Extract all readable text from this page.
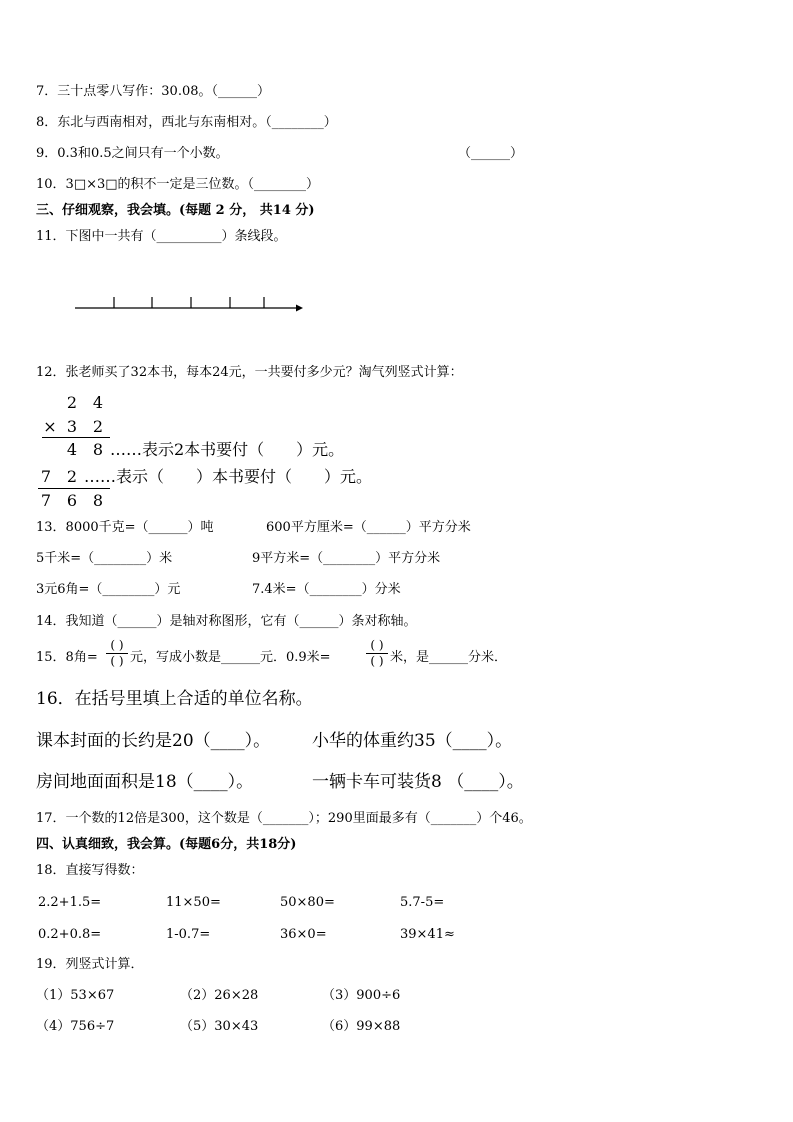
7．三十点零八写作：30.08。（______）
8．东北与西南相对，西北与东南相对。（________）
9．0.3和0.5之间只有一个小数。	（______）
10．3□×3□的积不一定是三位数。（________）
三、仔细观察，我会填。(每题 2 分， 共14 分)
11．下图中一共有（__________）条线段。
12．张老师买了32本书，每本24元，一共要付多少元？淘气列竖式计算：
2 4
× 3 2
4 8 ……表示2本书要付（　　）元。
7 2 ……表示（　　）本书要付（　　）元。
7 6 8
13．8000千克=（______）吨	600平方厘米=（______）平方分米
5千米=（________）米	9平方米=（________）平方分米
3元6角=（________）元	7.4米=（________）分米
14．我知道（______）是轴对称图形，它有（______）条对称轴。
15．8角=
( )
( ) 元，写成小数是______元．0.9米=
( )
( ) 米，是______分米．
16．在括号里填上合适的单位名称。
课本封面的长约是20（____）。 小华的体重约35（____）。
房间地面面积是18（____）。	一辆卡车可装货8 （____）。
17．一个数的12倍是300，这个数是（_______）；290里面最多有（_______）个46。
四、认真细致，我会算。(每题6分，共18分)
18．直接写得数：
2.2+1.5=	11×50=	50×80=	5.7-5=
0.2+0.8=	1-0.7=	36×0=	39×41≈
19．列竖式计算．
（1）53×67	（2）26×28	（3）900÷6
（4）756÷7	（5）30×43	（6）99×88
